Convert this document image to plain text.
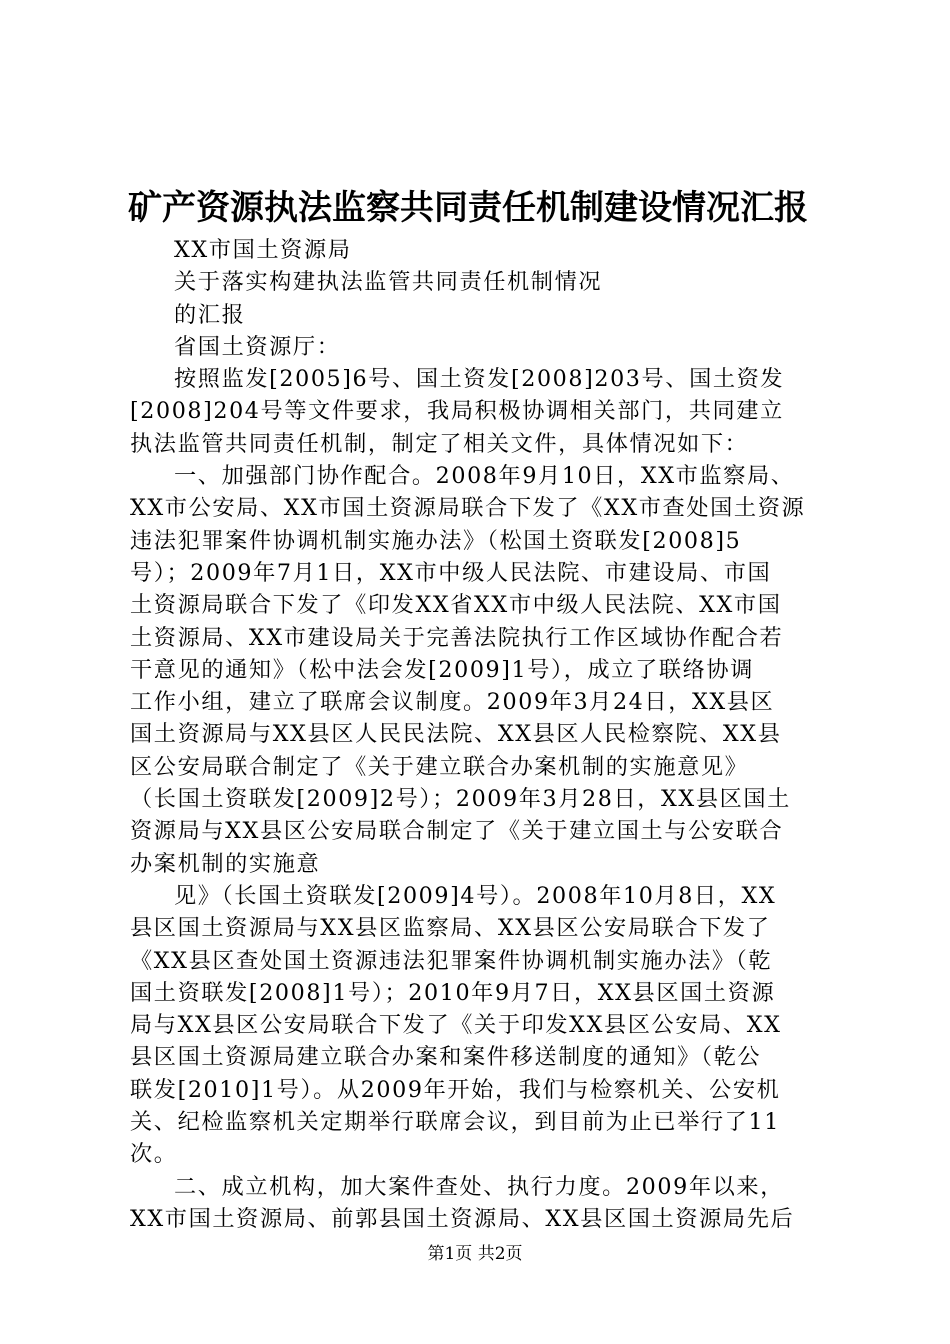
矿产资源执法监察共同责任机制建设情况汇报
XX市国土资源局
关于落实构建执法监管共同责任机制情况
的汇报
省国土资源厅：
按照监发[2005]6号、国土资发[2008]203号、国土资发
[2008]204号等文件要求，我局积极协调相关部门，共同建立
执法监管共同责任机制，制定了相关文件，具体情况如下：
一、加强部门协作配合。2008年9月10日，XX市监察局、
XX市公安局、XX市国土资源局联合下发了《XX市查处国土资源
违法犯罪案件协调机制实施办法》（松国土资联发[2008]5
号）；2009年7月1日，XX市中级人民法院、市建设局、市国
土资源局联合下发了《印发XX省XX市中级人民法院、XX市国
土资源局、XX市建设局关于完善法院执行工作区域协作配合若
干意见的通知》（松中法会发[2009]1号），成立了联络协调
工作小组，建立了联席会议制度。2009年3月24日，XX县区
国土资源局与XX县区人民民法院、XX县区人民检察院、XX县
区公安局联合制定了《关于建立联合办案机制的实施意见》
（长国土资联发[2009]2号）；2009年3月28日，XX县区国土
资源局与XX县区公安局联合制定了《关于建立国土与公安联合
办案机制的实施意
见》（长国土资联发[2009]4号）。2008年10月8日，XX
县区国土资源局与XX县区监察局、XX县区公安局联合下发了
《XX县区查处国土资源违法犯罪案件协调机制实施办法》（乾
国土资联发[2008]1号）；2010年9月7日，XX县区国土资源
局与XX县区公安局联合下发了《关于印发XX县区公安局、XX
县区国土资源局建立联合办案和案件移送制度的通知》（乾公
联发[2010]1号）。从2009年开始，我们与检察机关、公安机
关、纪检监察机关定期举行联席会议，到目前为止已举行了11
次。
二、成立机构，加大案件查处、执行力度。2009年以来，
XX市国土资源局、前郭县国土资源局、XX县区国土资源局先后
第1页 共2页
